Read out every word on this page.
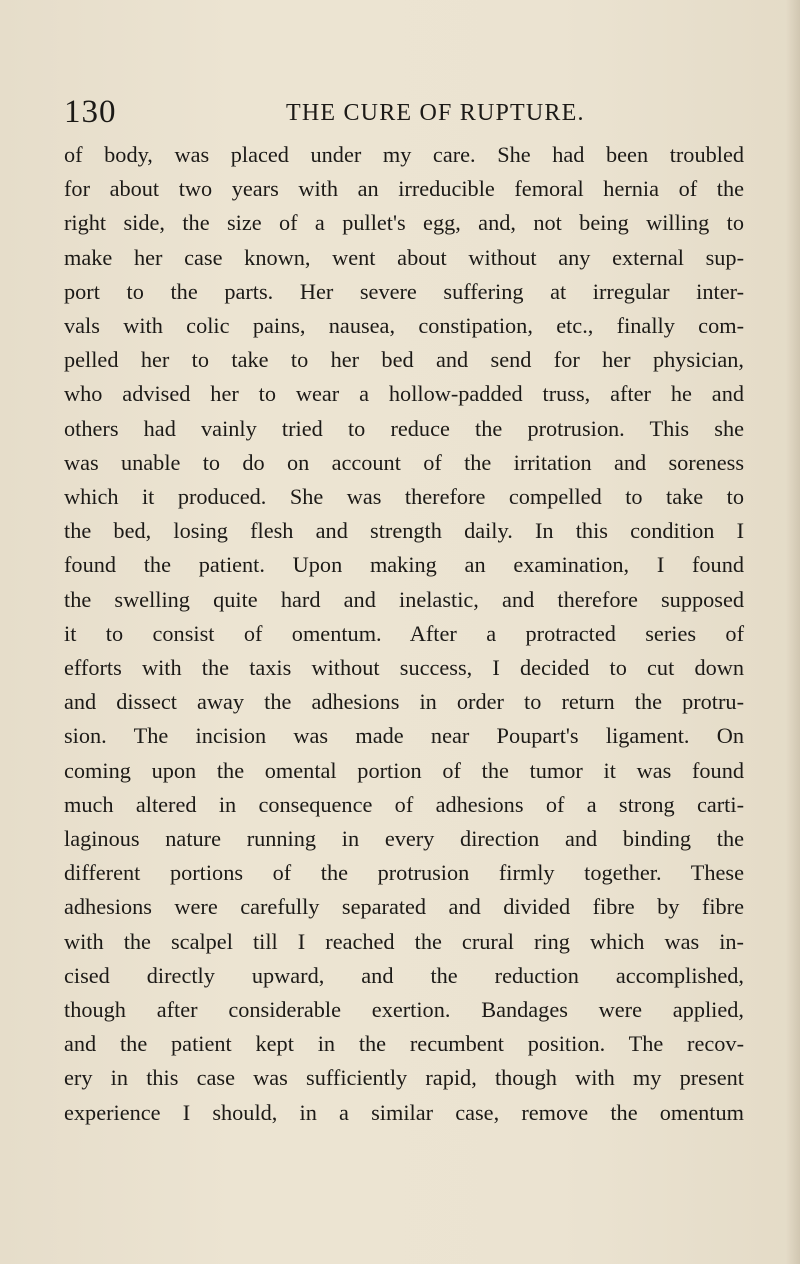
130	THE CURE OF RUPTURE.

of body, was placed under my care. She had been troubled
for about two years with an irreducible femoral hernia of the
right side, the size of a pullet's egg, and, not being willing to
make her case known, went about without any external sup-
port to the parts. Her severe suffering at irregular inter-
vals with colic pains, nausea, constipation, etc., finally com-
pelled her to take to her bed and send for her physician,
who advised her to wear a hollow-padded truss, after he and
others had vainly tried to reduce the protrusion. This she
was unable to do on account of the irritation and soreness
which it produced. She was therefore compelled to take to
the bed, losing flesh and strength daily. In this condition I
found the patient. Upon making an examination, I found
the swelling quite hard and inelastic, and therefore supposed
it to consist of omentum. After a protracted series of
efforts with the taxis without success, I decided to cut down
and dissect away the adhesions in order to return the protru-
sion. The incision was made near Poupart's ligament. On
coming upon the omental portion of the tumor it was found
much altered in consequence of adhesions of a strong carti-
laginous nature running in every direction and binding the
different portions of the protrusion firmly together. These
adhesions were carefully separated and divided fibre by fibre
with the scalpel till I reached the crural ring which was in-
cised directly upward, and the reduction accomplished,
though after considerable exertion. Bandages were applied,
and the patient kept in the recumbent position. The recov-
ery in this case was sufficiently rapid, though with my present
experience I should, in a similar case, remove the omentum
